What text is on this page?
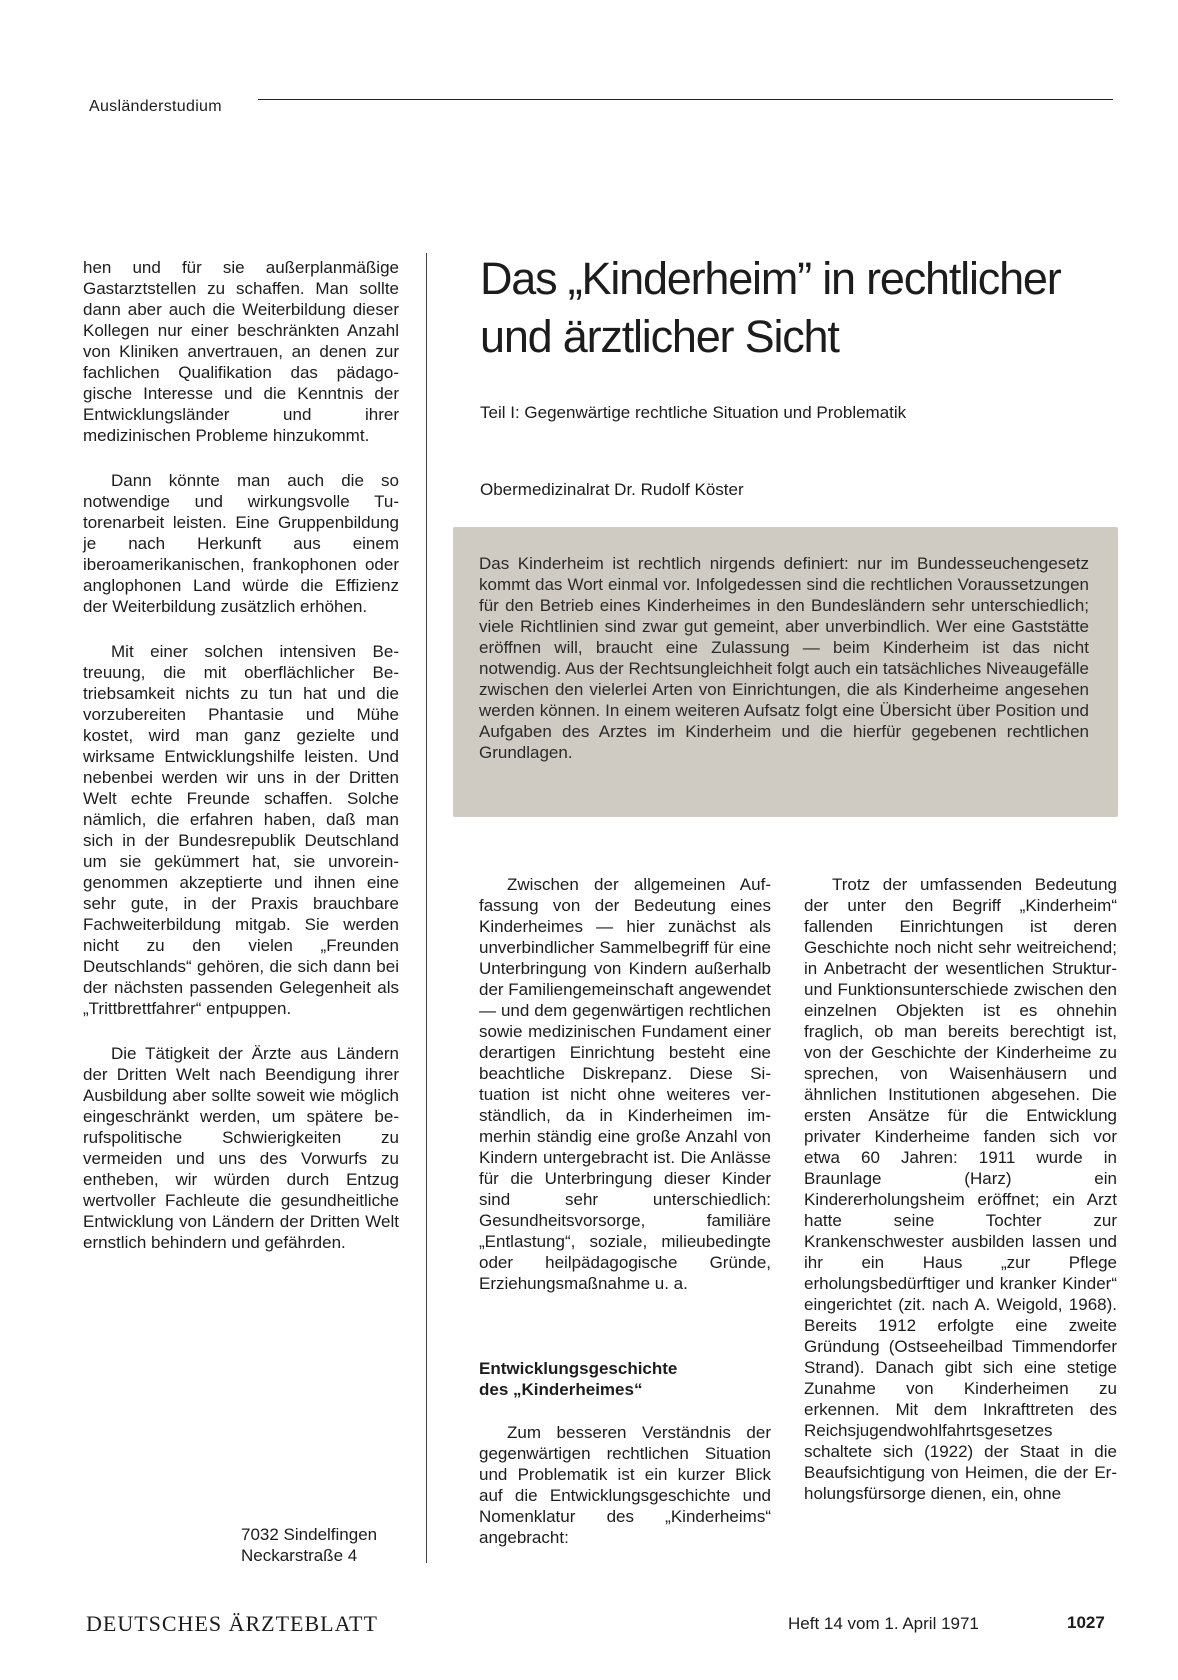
Ausländerstudium

hen und für sie außerplanmäßige Gastarztstellen zu schaffen. Man sollte dann aber auch die Weiterbildung dieser Kollegen nur einer beschränkten Anzahl von Kliniken anvertrauen, an denen zur fachlichen Qualifikation das pädagogische Interesse und die Kenntnis der Entwicklungsländer und ihrer medizinischen Probleme hinzukommt.

Dann könnte man auch die so notwendige und wirkungsvolle Tutorenarbeit leisten. Eine Gruppenbildung je nach Herkunft aus einem iberoamerikanischen, frankophonen oder anglophonen Land würde die Effizienz der Weiterbildung zusätzlich erhöhen.

Mit einer solchen intensiven Betreuung, die mit oberflächlicher Betriebsamkeit nichts zu tun hat und die vorzubereiten Phantasie und Mühe kostet, wird man ganz gezielte und wirksame Entwicklungshilfe leisten. Und nebenbei werden wir uns in der Dritten Welt echte Freunde schaffen. Solche nämlich, die erfahren haben, daß man sich in der Bundesrepublik Deutschland um sie gekümmert hat, sie unvoreingenommen akzeptierte und ihnen eine sehr gute, in der Praxis brauchbare Fachweiterbildung mitgab. Sie werden nicht zu den vielen „Freunden Deutschlands“ gehören, die sich dann bei der nächsten passenden Gelegenheit als „Trittbrettfahrer“ entpuppen.

Die Tätigkeit der Ärzte aus Ländern der Dritten Welt nach Beendigung ihrer Ausbildung aber sollte soweit wie möglich eingeschränkt werden, um spätere berufspolitische Schwierigkeiten zu vermeiden und uns des Vorwurfs zu entheben, wir würden durch Entzug wertvoller Fachleute die gesundheitliche Entwicklung von Ländern der Dritten Welt ernstlich behindern und gefährden.

7032 Sindelfingen
Neckarstraße 4
Das „Kinderheim” in rechtlicher und ärztlicher Sicht
Teil I: Gegenwärtige rechtliche Situation und Problematik
Obermedizinalrat Dr. Rudolf Köster
Das Kinderheim ist rechtlich nirgends definiert: nur im Bundesseuchengesetz kommt das Wort einmal vor. Infolgedessen sind die rechtlichen Voraussetzungen für den Betrieb eines Kinderheimes in den Bundesländern sehr unterschiedlich; viele Richtlinien sind zwar gut gemeint, aber unverbindlich. Wer eine Gaststätte eröffnen will, braucht eine Zulassung — beim Kinderheim ist das nicht notwendig. Aus der Rechtsungleichheit folgt auch ein tatsächliches Niveaugefälle zwischen den vielerlei Arten von Einrichtungen, die als Kinderheime angesehen werden können. In einem weiteren Aufsatz folgt eine Übersicht über Position und Aufgaben des Arztes im Kinderheim und die hierfür gegebenen rechtlichen Grundlagen.

Zwischen der allgemeinen Auffassung von der Bedeutung eines Kinderheimes — hier zunächst als unverbindlicher Sammelbegriff für eine Unterbringung von Kindern außerhalb der Familiengemeinschaft angewendet — und dem gegenwärtigen rechtlichen sowie medizinischen Fundament einer derartigen Einrichtung besteht eine beachtliche Diskrepanz. Diese Situation ist nicht ohne weiteres verständlich, da in Kinderheimen immerhin ständig eine große Anzahl von Kindern untergebracht ist. Die Anlässe für die Unterbringung dieser Kinder sind sehr unterschiedlich: Gesundheitsvorsorge, familiäre „Entlastung“, soziale, milieubedingte oder heilpädagogische Gründe, Erziehungsmaßnahme u. a.

Entwicklungsgeschichte
des „Kinderheimes“

Zum besseren Verständnis der gegenwärtigen rechtlichen Situation und Problematik ist ein kurzer Blick auf die Entwicklungsgeschichte und Nomenklatur des „Kinderheims“ angebracht:

Trotz der umfassenden Bedeutung der unter den Begriff „Kinderheim“ fallenden Einrichtungen ist deren Geschichte noch nicht sehr weitreichend; in Anbetracht der wesentlichen Struktur- und Funktionsunterschiede zwischen den einzelnen Objekten ist es ohnehin fraglich, ob man bereits berechtigt ist, von der Geschichte der Kinderheime zu sprechen, von Waisenhäusern und ähnlichen Institutionen abgesehen. Die ersten Ansätze für die Entwicklung privater Kinderheime fanden sich vor etwa 60 Jahren: 1911 wurde in Braunlage (Harz) ein Kindererholungsheim eröffnet; ein Arzt hatte seine Tochter zur Krankenschwester ausbilden lassen und ihr ein Haus „zur Pflege erholungsbedürftiger und kranker Kinder“ eingerichtet (zit. nach A. Weigold, 1968). Bereits 1912 erfolgte eine zweite Gründung (Ostseeheilbad Timmendorfer Strand). Danach gibt sich eine stetige Zunahme von Kinderheimen zu erkennen. Mit dem Inkrafttreten des Reichsjugendwohlfahrtsgesetzes schaltete sich (1922) der Staat in die Beaufsichtigung von Heimen, die der Erholungsfürsorge dienen, ein, ohne

DEUTSCHES ÄRZTEBLATT	Heft 14 vom 1. April 1971	1027
